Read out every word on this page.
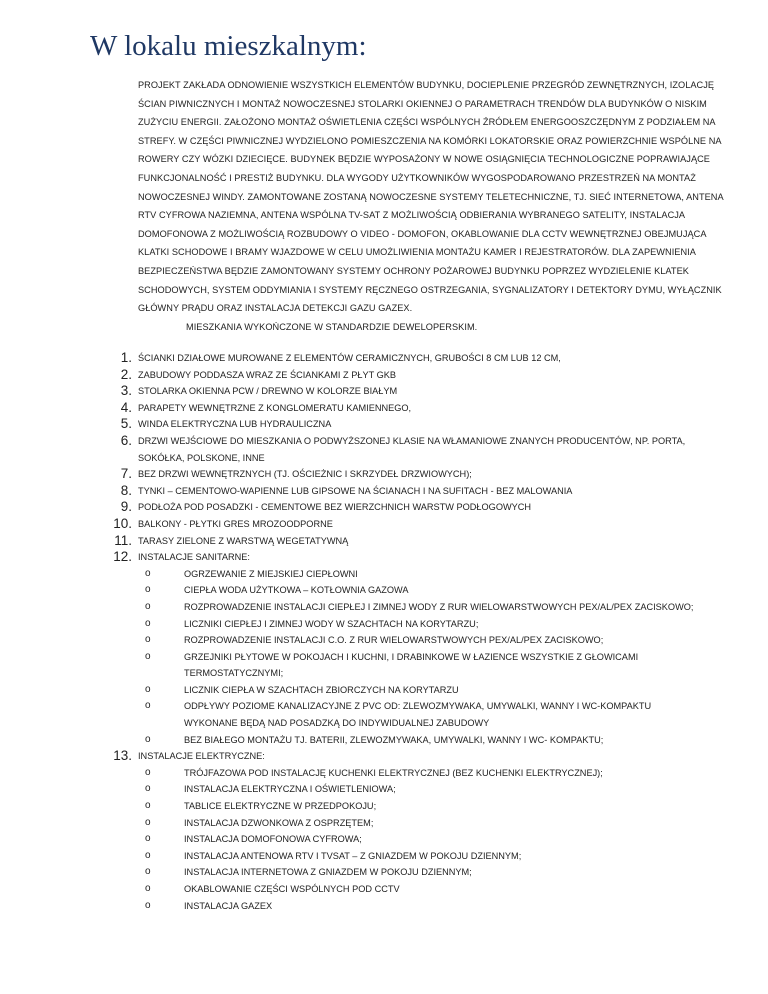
W lokalu mieszkalnym:

PROJEKT ZAKŁADA ODNOWIENIE WSZYSTKICH ELEMENTÓW BUDYNKU, DOCIEPLENIE PRZEGRÓD ZEWNĘTRZNYCH, IZOLACJĘ ŚCIAN PIWNICZNYCH I MONTAŻ NOWOCZESNEJ STOLARKI OKIENNEJ O PARAMETRACH TRENDÓW DLA BUDYNKÓW O NISKIM ZUŻYCIU ENERGII. ZAŁOŻONO MONTAŻ OŚWIETLENIA CZĘŚCI WSPÓLNYCH ŹRÓDŁEM ENERGOOSZCZĘDNYM Z PODZIAŁEM NA STREFY. W CZĘŚCI PIWNICZNEJ WYDZIELONO POMIESZCZENIA NA KOMÓRKI LOKATORSKIE ORAZ POWIERZCHNIE WSPÓLNE NA ROWERY CZY WÓZKI DZIECIĘCE. BUDYNEK BĘDZIE WYPOSAŻONY W NOWE OSIĄGNIĘCIA TECHNOLOGICZNE POPRAWIAJĄCE FUNKCJONALNOŚĆ I PRESTIŻ BUDYNKU. DLA WYGODY UŻYTKOWNIKÓW WYGOSPODAROWANO PRZESTRZEŃ NA MONTAŻ NOWOCZESNEJ WINDY. ZAMONTOWANE ZOSTANĄ NOWOCZESNE SYSTEMY TELETECHNICZNE, TJ. SIEĆ INTERNETOWA, ANTENA RTV CYFROWA NAZIEMNA, ANTENA WSPÓLNA TV-SAT Z MOŻLIWOŚCIĄ ODBIERANIA WYBRANEGO SATELITY, INSTALACJA DOMOFONOWA Z MOŻLIWOŚCIĄ ROZBUDOWY O VIDEO - DOMOFON, OKABLOWANIE DLA CCTV WEWNĘTRZNEJ OBEJMUJĄCA KLATKI SCHODOWE I BRAMY WJAZDOWE W CELU UMOŻLIWIENIA MONTAŻU KAMER I REJESTRATORÓW. DLA ZAPEWNIENIA BEZPIECZEŃSTWA BĘDZIE ZAMONTOWANY SYSTEMY OCHRONY POŻAROWEJ BUDYNKU POPRZEZ WYDZIELENIE KLATEK SCHODOWYCH, SYSTEM ODDYMIANIA I SYSTEMY RĘCZNEGO OSTRZEGANIA, SYGNALIZATORY I DETEKTORY DYMU, WYŁĄCZNIK GŁÓWNY PRĄDU ORAZ INSTALACJA DETEKCJI GAZU GAZEX.
MIESZKANIA WYKOŃCZONE W STANDARDZIE DEWELOPERSKIM.

1. ŚCIANKI DZIAŁOWE MUROWANE Z ELEMENTÓW CERAMICZNYCH, GRUBOŚCI 8 CM LUB 12 CM,
2. ZABUDOWY PODDASZA WRAZ ZE ŚCIANKAMI Z PŁYT GKB
3. STOLARKA OKIENNA PCW / DREWNO W KOLORZE BIAŁYM
4. PARAPETY WEWNĘTRZNE Z KONGLOMERATU KAMIENNEGO,
5. WINDA ELEKTRYCZNA LUB HYDRAULICZNA
6. DRZWI WEJŚCIOWE DO MIESZKANIA O PODWYŻSZONEJ KLASIE NA WŁAMANIOWE ZNANYCH PRODUCENTÓW, NP. PORTA, SOKÓŁKA, POLSKONE, INNE
7. BEZ DRZWI WEWNĘTRZNYCH (TJ. OŚCIEŻNIC I SKRZYDEŁ DRZWIOWYCH);
8. TYNKI – CEMENTOWO-WAPIENNE LUB GIPSOWE NA ŚCIANACH I NA SUFITACH - BEZ MALOWANIA
9. PODŁOŻA POD POSADZKI - CEMENTOWE BEZ WIERZCHNICH WARSTW PODŁOGOWYCH
10. BALKONY - PŁYTKI GRES MROZOODPORNE
11. TARASY ZIELONE Z WARSTWĄ WEGETATYWNĄ
12. INSTALACJE SANITARNE:
o	OGRZEWANIE Z MIEJSKIEJ CIEPŁOWNI
o	CIEPŁA WODA UŻYTKOWA – KOTŁOWNIA GAZOWA
o	ROZPROWADZENIE INSTALACJI CIEPŁEJ I ZIMNEJ WODY Z RUR WIELOWARSTWOWYCH PEX/AL/PEX ZACISKOWO;
o	LICZNIKI CIEPŁEJ I ZIMNEJ WODY W SZACHTACH NA KORYTARZU;
o	ROZPROWADZENIE INSTALACJI C.O. Z RUR WIELOWARSTWOWYCH PEX/AL/PEX ZACISKOWO;
o	GRZEJNIKI PŁYTOWE W POKOJACH I KUCHNI, I DRABINKOWE W ŁAZIENCE WSZYSTKIE Z GŁOWICAMI TERMOSTATYCZNYMI;
o	LICZNIK CIEPŁA W SZACHTACH ZBIORCZYCH NA KORYTARZU
o	ODPŁYWY POZIOME KANALIZACYJNE Z PVC OD: ZLEWOZMYWAKA, UMYWALKI, WANNY I WC-KOMPAKTU WYKONANE BĘDĄ NAD POSADZKĄ DO INDYWIDUALNEJ ZABUDOWY
o	BEZ BIAŁEGO MONTAŻU TJ. BATERII, ZLEWOZMYWAKA, UMYWALKI, WANNY I WC- KOMPAKTU;
13. INSTALACJE ELEKTRYCZNE:
o	TRÓJFAZOWA POD INSTALACJĘ KUCHENKI ELEKTRYCZNEJ (BEZ KUCHENKI ELEKTRYCZNEJ);
o	INSTALACJA ELEKTRYCZNA I OŚWIETLENIOWA;
o	TABLICE ELEKTRYCZNE W PRZEDPOKOJU;
o	INSTALACJA DZWONKOWA Z OSPRZĘTEM;
o	INSTALACJA DOMOFONOWA CYFROWA;
o	INSTALACJA ANTENOWA RTV I TVSAT – Z GNIAZDEM W POKOJU DZIENNYM;
o	INSTALACJA INTERNETOWA Z GNIAZDEM W POKOJU DZIENNYM;
o	OKABLOWANIE CZĘŚCI WSPÓLNYCH POD CCTV
o	INSTALACJA GAZEX
